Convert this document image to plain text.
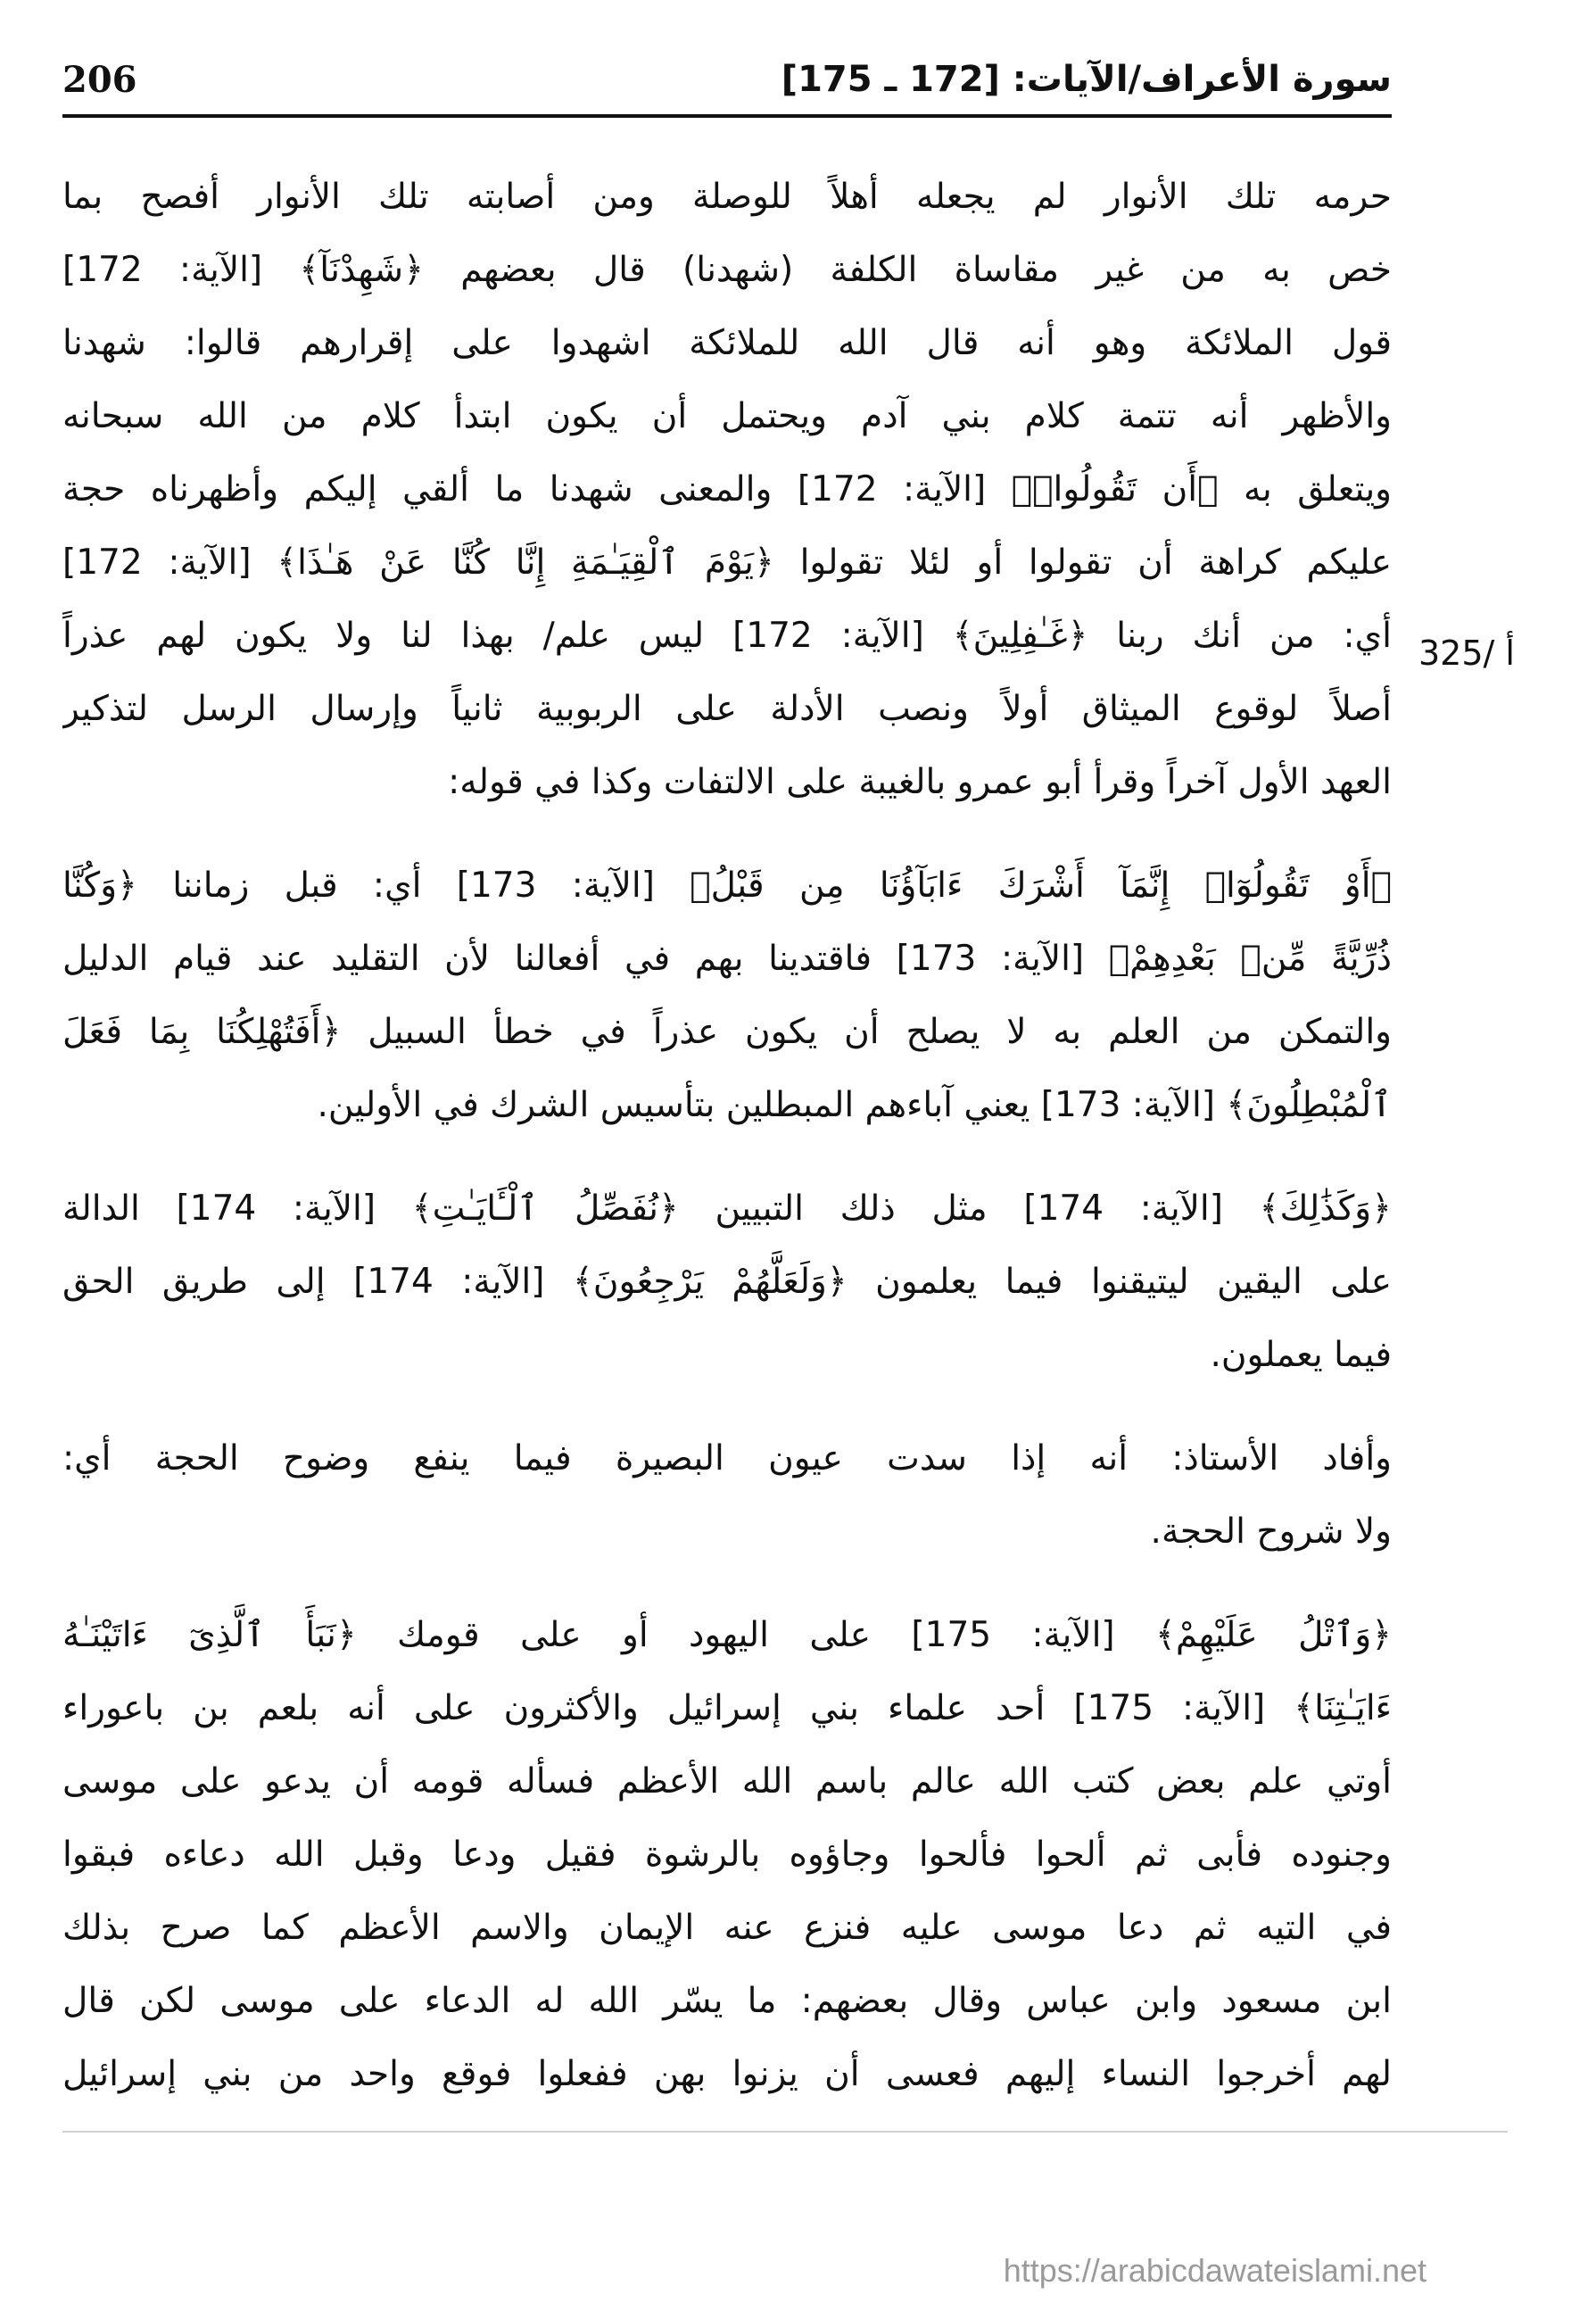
206	سورة الأعراف/الآيات: [172 ـ 175]
325/ أ
حرمه تلك الأنوار لم يجعله أهلاً للوصلة ومن أصابته تلك الأنوار أفصح بما
خص به من غير مقاساة الكلفة (شهدنا) قال بعضهم ﴿شَهِدْنَآ﴾ [الآية: 172]
قول الملائكة وهو أنه قال الله للملائكة اشهدوا على إقرارهم قالوا: شهدنا
والأظهر أنه تتمة كلام بني آدم ويحتمل أن يكون ابتدأ كلام من الله سبحانه
ويتعلق به ﴿أَن تَقُولُوا۟﴾ [الآية: 172] والمعنى شهدنا ما ألقي إليكم وأظهرناه حجة
عليكم كراهة أن تقولوا أو لئلا تقولوا ﴿يَوْمَ ٱلْقِيَـٰمَةِ إِنَّا كُنَّا عَنْ هَـٰذَا﴾ [الآية: 172]
أي: من أنك ربنا ﴿غَـٰفِلِينَ﴾ [الآية: 172] ليس علم/ بهذا لنا ولا يكون لهم عذراً
أصلاً لوقوع الميثاق أولاً ونصب الأدلة على الربوبية ثانياً وإرسال الرسل لتذكير
العهد الأول آخراً وقرأ أبو عمرو بالغيبة على الالتفات وكذا في قوله:
﴿أَوْ تَقُولُوٓا۟ إِنَّمَآ أَشْرَكَ ءَابَآؤُنَا مِن قَبْلُ﴾ [الآية: 173] أي: قبل زماننا ﴿وَكُنَّا
ذُرِّيَّةً مِّنۢ بَعْدِهِمْ﴾ [الآية: 173] فاقتدينا بهم في أفعالنا لأن التقليد عند قيام الدليل
والتمكن من العلم به لا يصلح أن يكون عذراً في خطأ السبيل ﴿أَفَتُهْلِكُنَا بِمَا فَعَلَ
ٱلْمُبْطِلُونَ﴾ [الآية: 173] يعني آباءهم المبطلين بتأسيس الشرك في الأولين.
﴿وَكَذَٰلِكَ﴾ [الآية: 174] مثل ذلك التبيين ﴿نُفَصِّلُ ٱلْـَٔايَـٰتِ﴾ [الآية: 174] الدالة
على اليقين ليتيقنوا فيما يعلمون ﴿وَلَعَلَّهُمْ يَرْجِعُونَ﴾ [الآية: 174] إلى طريق الحق
فيما يعملون.
وأفاد الأستاذ: أنه إذا سدت عيون البصيرة فيما ينفع وضوح الحجة أي:
ولا شروح الحجة.
﴿وَٱتْلُ عَلَيْهِمْ﴾ [الآية: 175] على اليهود أو على قومك ﴿نَبَأَ ٱلَّذِىٓ ءَاتَيْنَـٰهُ
ءَايَـٰتِنَا﴾ [الآية: 175] أحد علماء بني إسرائيل والأكثرون على أنه بلعم بن باعوراء
أوتي علم بعض كتب الله عالم باسم الله الأعظم فسأله قومه أن يدعو على موسى
وجنوده فأبى ثم ألحوا فألحوا وجاؤوه بالرشوة فقيل ودعا وقبل الله دعاءه فبقوا
في التيه ثم دعا موسى عليه فنزع عنه الإيمان والاسم الأعظم كما صرح بذلك
ابن مسعود وابن عباس وقال بعضهم: ما يسّر الله له الدعاء على موسى لكن قال
لهم أخرجوا النساء إليهم فعسى أن يزنوا بهن ففعلوا فوقع واحد من بني إسرائيل
https://arabicdawateislami.net
